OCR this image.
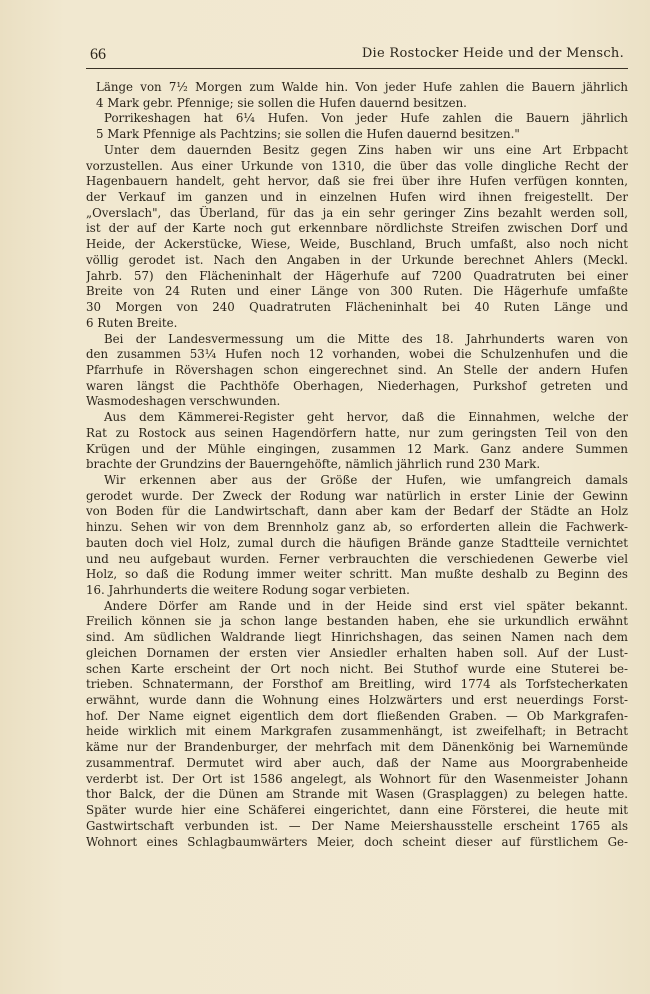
66	Die Rostocker Heide und der Mensch.
Länge von 7½ Morgen zum Walde hin. Von jeder Hufe zahlen die Bauern jährlich
4 Mark gebr. Pfennige; sie sollen die Hufen dauernd besitzen.
Porrikeshagen hat 6¼ Hufen. Von jeder Hufe zahlen die Bauern jährlich
5 Mark Pfennige als Pachtzins; sie sollen die Hufen dauernd besitzen."
Unter dem dauernden Besitz gegen Zins haben wir uns eine Art Erbpacht
vorzustellen. Aus einer Urkunde von 1310, die über das volle dingliche Recht der
Hagenbauern handelt, geht hervor, daß sie frei über ihre Hufen verfügen konnten,
der Verkauf im ganzen und in einzelnen Hufen wird ihnen freigestellt. Der
„Overslach", das Überland, für das ja ein sehr geringer Zins bezahlt werden soll,
ist der auf der Karte noch gut erkennbare nördlichste Streifen zwischen Dorf und
Heide, der Ackerstücke, Wiese, Weide, Buschland, Bruch umfaßt, also noch nicht
völlig gerodet ist. Nach den Angaben in der Urkunde berechnet Ahlers (Meckl.
Jahrb. 57) den Flächeninhalt der Hägerhufe auf 7200 Quadratruten bei einer
Breite von 24 Ruten und einer Länge von 300 Ruten. Die Hägerhufe umfaßte
30 Morgen von 240 Quadratruten Flächeninhalt bei 40 Ruten Länge und
6 Ruten Breite.
Bei der Landesvermessung um die Mitte des 18. Jahrhunderts waren von
den zusammen 53¼ Hufen noch 12 vorhanden, wobei die Schulzenhufen und die
Pfarrhufe in Rövershagen schon eingerechnet sind. An Stelle der andern Hufen
waren längst die Pachthöfe Oberhagen, Niederhagen, Purkshof getreten und
Wasmodeshagen verschwunden.
Aus dem Kämmerei-Register geht hervor, daß die Einnahmen, welche der
Rat zu Rostock aus seinen Hagendörfern hatte, nur zum geringsten Teil von den
Krügen und der Mühle eingingen, zusammen 12 Mark. Ganz andere Summen
brachte der Grundzins der Bauerngehöfte, nämlich jährlich rund 230 Mark.
Wir erkennen aber aus der Größe der Hufen, wie umfangreich damals
gerodet wurde. Der Zweck der Rodung war natürlich in erster Linie der Gewinn
von Boden für die Landwirtschaft, dann aber kam der Bedarf der Städte an Holz
hinzu. Sehen wir von dem Brennholz ganz ab, so erforderten allein die Fachwerk-
bauten doch viel Holz, zumal durch die häufigen Brände ganze Stadtteile vernichtet
und neu aufgebaut wurden. Ferner verbrauchten die verschiedenen Gewerbe viel
Holz, so daß die Rodung immer weiter schritt. Man mußte deshalb zu Beginn des
16. Jahrhunderts die weitere Rodung sogar verbieten.
Andere Dörfer am Rande und in der Heide sind erst viel später bekannt.
Freilich können sie ja schon lange bestanden haben, ehe sie urkundlich erwähnt
sind. Am südlichen Waldrande liegt Hinrichshagen, das seinen Namen nach dem
gleichen Dornamen der ersten vier Ansiedler erhalten haben soll. Auf der Lust-
schen Karte erscheint der Ort noch nicht. Bei Stuthof wurde eine Stuterei be-
trieben. Schnatermann, der Forsthof am Breitling, wird 1774 als Torfstecherkaten
erwähnt, wurde dann die Wohnung eines Holzwärters und erst neuerdings Forst-
hof. Der Name eignet eigentlich dem dort fließenden Graben. — Ob Markgrafen-
heide wirklich mit einem Markgrafen zusammenhängt, ist zweifelhaft; in Betracht
käme nur der Brandenburger, der mehrfach mit dem Dänenkönig bei Warnemünde
zusammentraf. Dermutet wird aber auch, daß der Name aus Moorgrabenheide
verderbt ist. Der Ort ist 1586 angelegt, als Wohnort für den Wasenmeister Johann
thor Balck, der die Dünen am Strande mit Wasen (Grasplaggen) zu belegen hatte.
Später wurde hier eine Schäferei eingerichtet, dann eine Försterei, die heute mit
Gastwirtschaft verbunden ist. — Der Name Meiershausstelle erscheint 1765 als
Wohnort eines Schlagbaumwärters Meier, doch scheint dieser auf fürstlichem Ge-
